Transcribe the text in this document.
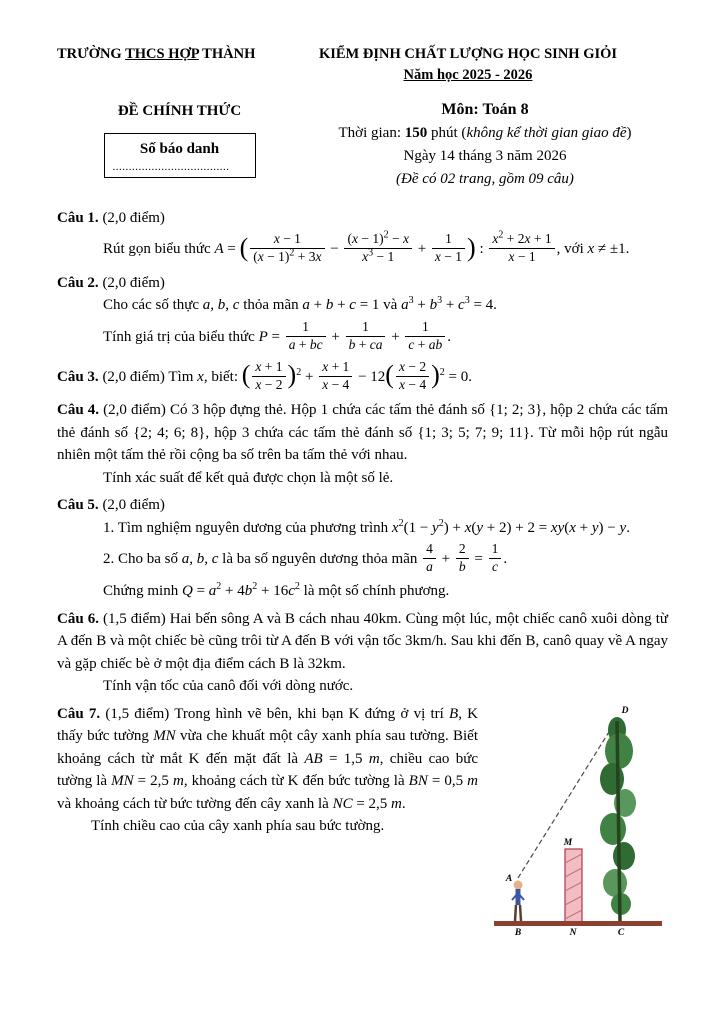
TRƯỜNG THCS HỢP THÀNH	KIỂM ĐỊNH CHẤT LƯỢNG HỌC SINH GIỎI
Năm học 2025 - 2026
ĐỀ CHÍNH THỨC
Số báo danh
....................................
Môn: Toán 8
Thời gian: 150 phút (không kể thời gian giao đề)
Ngày 14 tháng 3 năm 2026
(Đề có 02 trang, gồm 09 câu)
Câu 1. (2,0 điểm)
Rút gọn biểu thức A = ( $\frac{x - 1}{(x - 1)^2 + 3x} - \frac{(x - 1)^2 - x}{x^3 - 1} + \frac{1}{x - 1}$ ) : $\frac{x^2 + 2x + 1}{x - 1}$ , với x ≠ ±1.
Câu 2. (2,0 điểm)
Cho các số thực a, b, c thỏa mãn a + b + c = 1 và $a^3 + b^3 + c^3 = 4$.
Tính giá trị của biểu thức $P = \frac{1}{a + bc} + \frac{1}{b + ca} + \frac{1}{c + ab}$ .
Câu 3. (2,0 điểm) Tìm x, biết: ( $\frac{x + 1}{x - 2} )^2 + \frac{x + 1}{x - 4} - 12( \frac{x - 2}{x - 4} )^2 = 0$.
Câu 4. (2,0 điểm) Có 3 hộp đựng thẻ. Hộp 1 chứa các tấm thẻ đánh số {1; 2; 3}, hộp 2 chứa các tấm thẻ đánh số {2; 4; 6; 8}, hộp 3 chứa các tấm thẻ đánh số {1; 3; 5; 7; 9; 11}. Từ mỗi hộp rút ngẫu nhiên một tấm thẻ rồi cộng ba số trên ba tấm thẻ với nhau.
Tính xác suất để kết quả được chọn là một số lẻ.
Câu 5. (2,0 điểm)
1. Tìm nghiệm nguyên dương của phương trình $x^2(1 - y^2) + x(y + 2) + 2 = xy(x + y) - y$.
2. Cho ba số a, b, c là ba số nguyên dương thỏa mãn $\frac{4}{a} + \frac{2}{b} = \frac{1}{c}$ .
Chứng minh $Q = a^2 + 4b^2 + 16c^2$ là một số chính phương.
Câu 6. (1,5 điểm) Hai bến sông A và B cách nhau 40km. Cùng một lúc, một chiếc canô xuôi dòng từ A đến B và một chiếc bè cũng trôi từ A đến B với vận tốc 3km/h. Sau khi đến B, canô quay về A ngay và gặp chiếc bè ở một địa điểm cách B là 32km.
Tính vận tốc của canô đối với dòng nước.
Câu 7. (1,5 điểm) Trong hình vẽ bên, khi bạn K đứng ở vị trí B, K thấy bức tường MN vừa che khuất một cây xanh phía sau tường. Biết khoảng cách từ mắt K đến mặt đất là AB = 1,5 m, chiều cao bức tường là MN = 2,5 m, khoảng cách từ K đến bức tường là BN = 0,5 m và khoảng cách từ bức tường đến cây xanh là NC = 2,5 m.
Tính chiều cao của cây xanh phía sau bức tường.
D
M
A
B	N	C
